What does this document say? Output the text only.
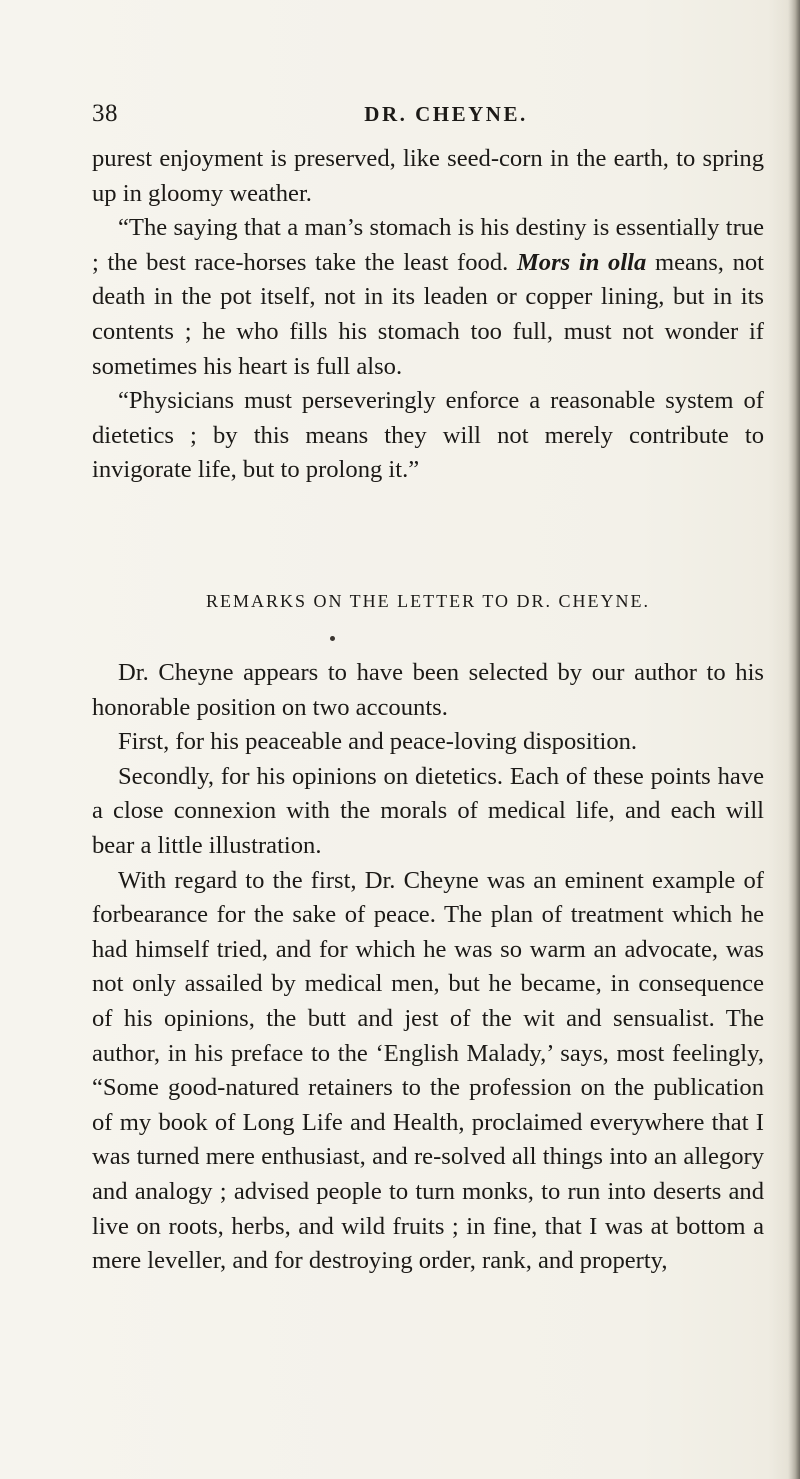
38	DR. CHEYNE.

purest enjoyment is preserved, like seed-corn in the earth, to spring up in gloomy weather.

“The saying that a man’s stomach is his destiny is essentially true ; the best race-horses take the least food. Mors in olla means, not death in the pot itself, not in its leaden or copper lining, but in its contents ; he who fills his stomach too full, must not wonder if sometimes his heart is full also.

“Physicians must perseveringly enforce a reasonable system of dietetics ; by this means they will not merely contribute to invigorate life, but to prolong it.”

REMARKS ON THE LETTER TO DR. CHEYNE.

Dr. Cheyne appears to have been selected by our author to his honorable position on two accounts.

First, for his peaceable and peace-loving disposition.

Secondly, for his opinions on dietetics. Each of these points have a close connexion with the morals of medical life, and each will bear a little illustration.

With regard to the first, Dr. Cheyne was an eminent example of forbearance for the sake of peace. The plan of treatment which he had himself tried, and for which he was so warm an advocate, was not only assailed by medical men, but he became, in consequence of his opinions, the butt and jest of the wit and sensualist. The author, in his preface to the ‘English Malady,’ says, most feelingly, “Some good-natured retainers to the profession on the publication of my book of Long Life and Health, proclaimed everywhere that I was turned mere enthusiast, and re-solved all things into an allegory and analogy ; advised people to turn monks, to run into deserts and live on roots, herbs, and wild fruits ; in fine, that I was at bottom a mere leveller, and for destroying order, rank, and property,
